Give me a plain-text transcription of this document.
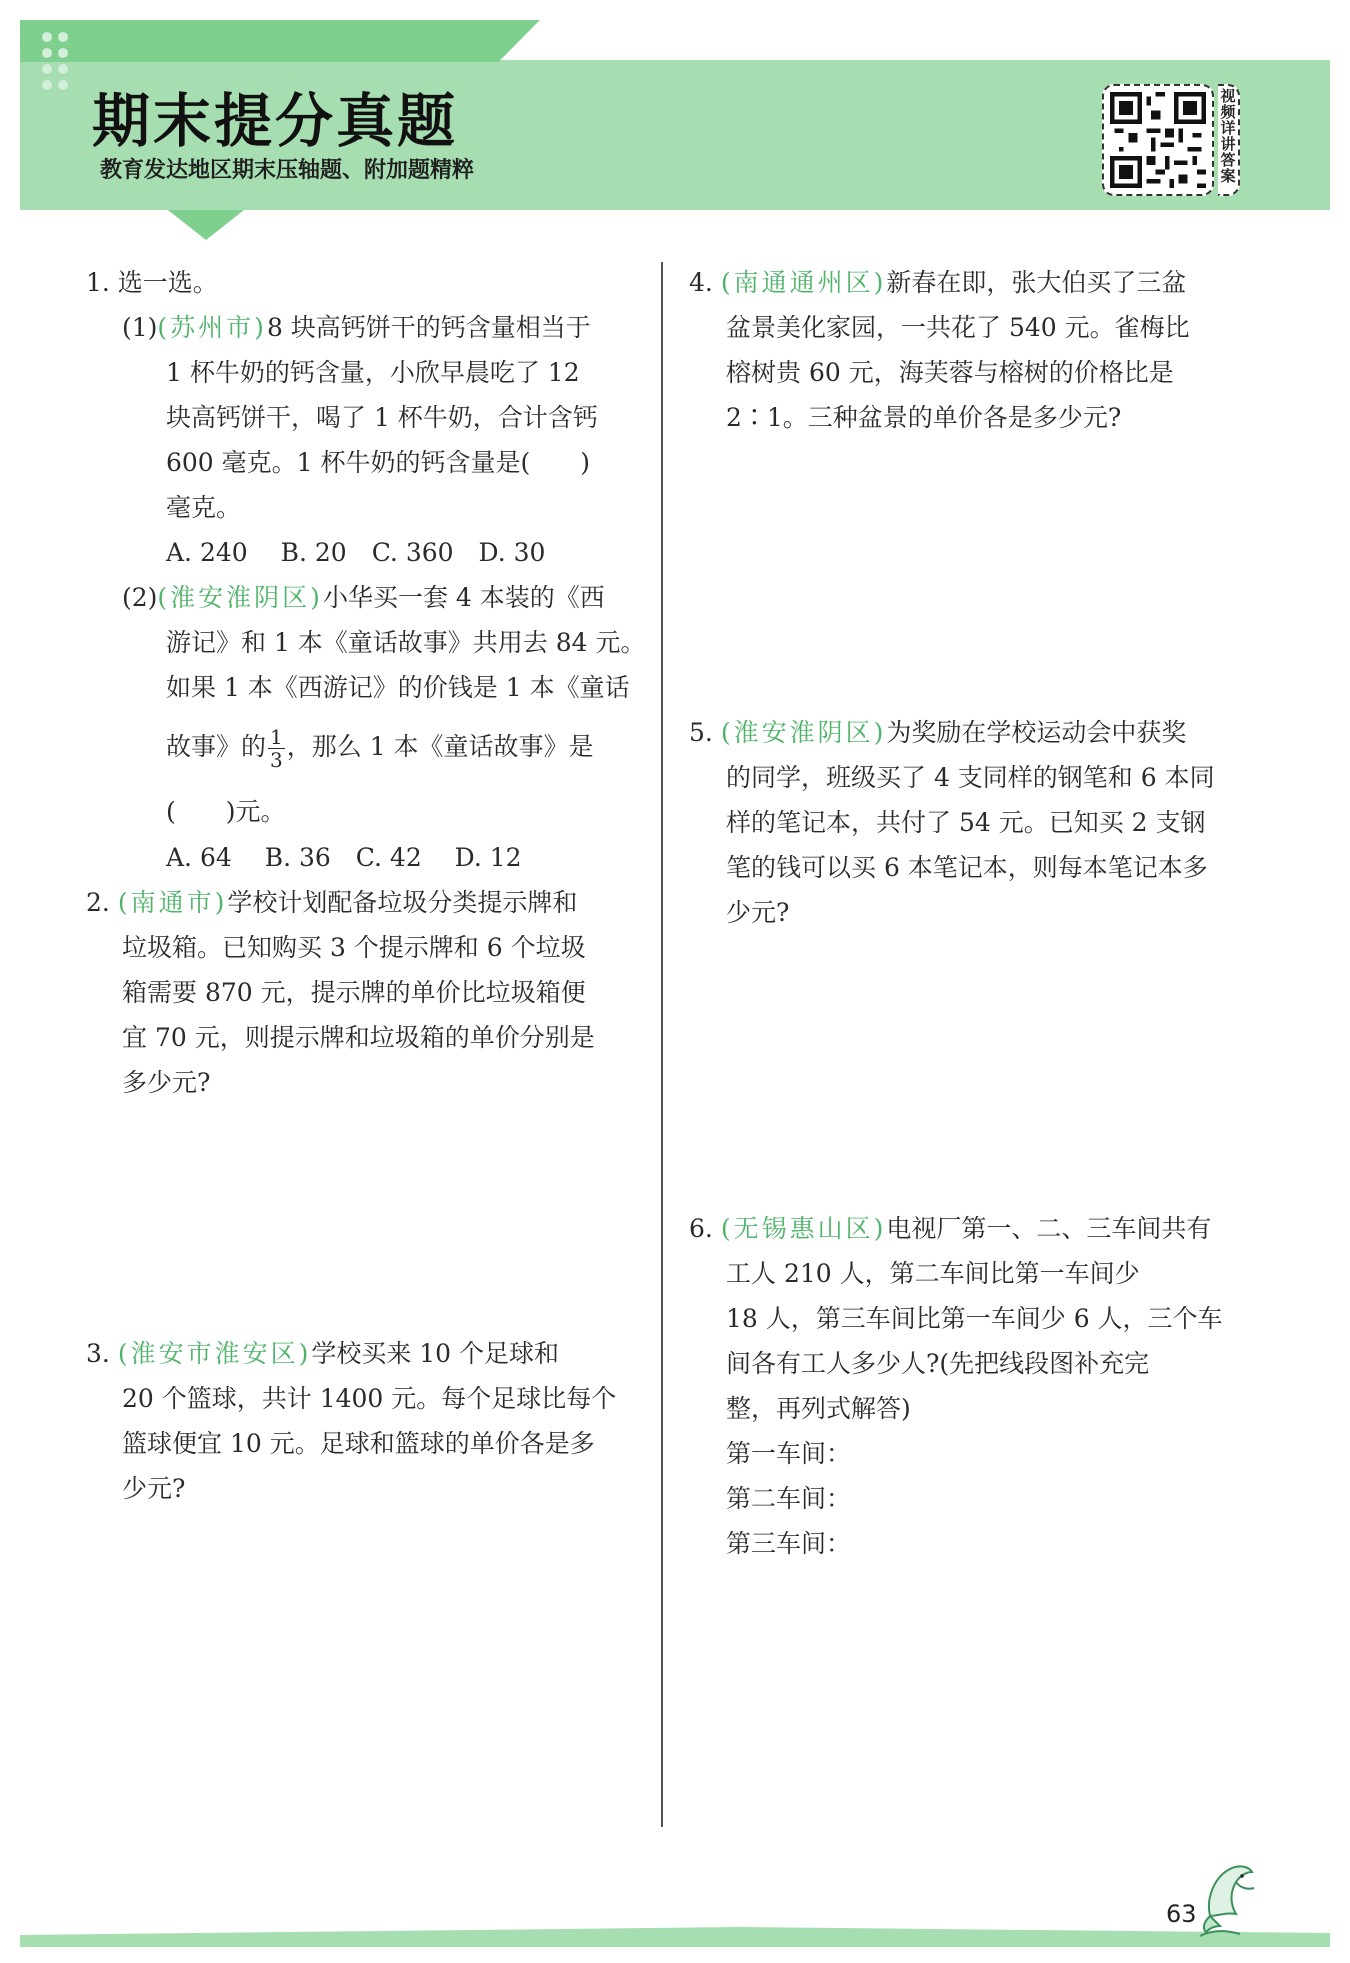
期末提分真题
教育发达地区期末压轴题、附加题精粹
视频详讲答案
1. 选一选。
(1)(苏州市)8 块高钙饼干的钙含量相当于
1 杯牛奶的钙含量，小欣早晨吃了 12
块高钙饼干，喝了 1 杯牛奶，合计含钙
600 毫克。1 杯牛奶的钙含量是(　　)
毫克。
A. 240　 B. 20　C. 360　D. 30
(2)(淮安淮阴区)小华买一套 4 本装的《西
游记》和 1 本《童话故事》共用去 84 元。
如果 1 本《西游记》的价钱是 1 本《童话
故事》的 $\frac{1}{3}$ ，那么 1 本《童话故事》是
(　　)元。
A. 64　 B. 36　C. 42　 D. 12
2. (南通市)学校计划配备垃圾分类提示牌和
垃圾箱。已知购买 3 个提示牌和 6 个垃圾
箱需要 870 元，提示牌的单价比垃圾箱便
宜 70 元，则提示牌和垃圾箱的单价分别是
多少元?
3. (淮安市淮安区)学校买来 10 个足球和
20 个篮球，共计 1400 元。每个足球比每个
篮球便宜 10 元。足球和篮球的单价各是多
少元?
4. (南通通州区)新春在即，张大伯买了三盆
盆景美化家园，一共花了 540 元。雀梅比
榕树贵 60 元，海芙蓉与榕树的价格比是
2∶1。三种盆景的单价各是多少元?
5. (淮安淮阴区)为奖励在学校运动会中获奖
的同学，班级买了 4 支同样的钢笔和 6 本同
样的笔记本，共付了 54 元。已知买 2 支钢
笔的钱可以买 6 本笔记本，则每本笔记本多
少元?
6. (无锡惠山区)电视厂第一、二、三车间共有
工人 210 人，第二车间比第一车间少
18 人，第三车间比第一车间少 6 人，三个车
间各有工人多少人?(先把线段图补充完
整，再列式解答)
第一车间：
第二车间：
第三车间：
63
